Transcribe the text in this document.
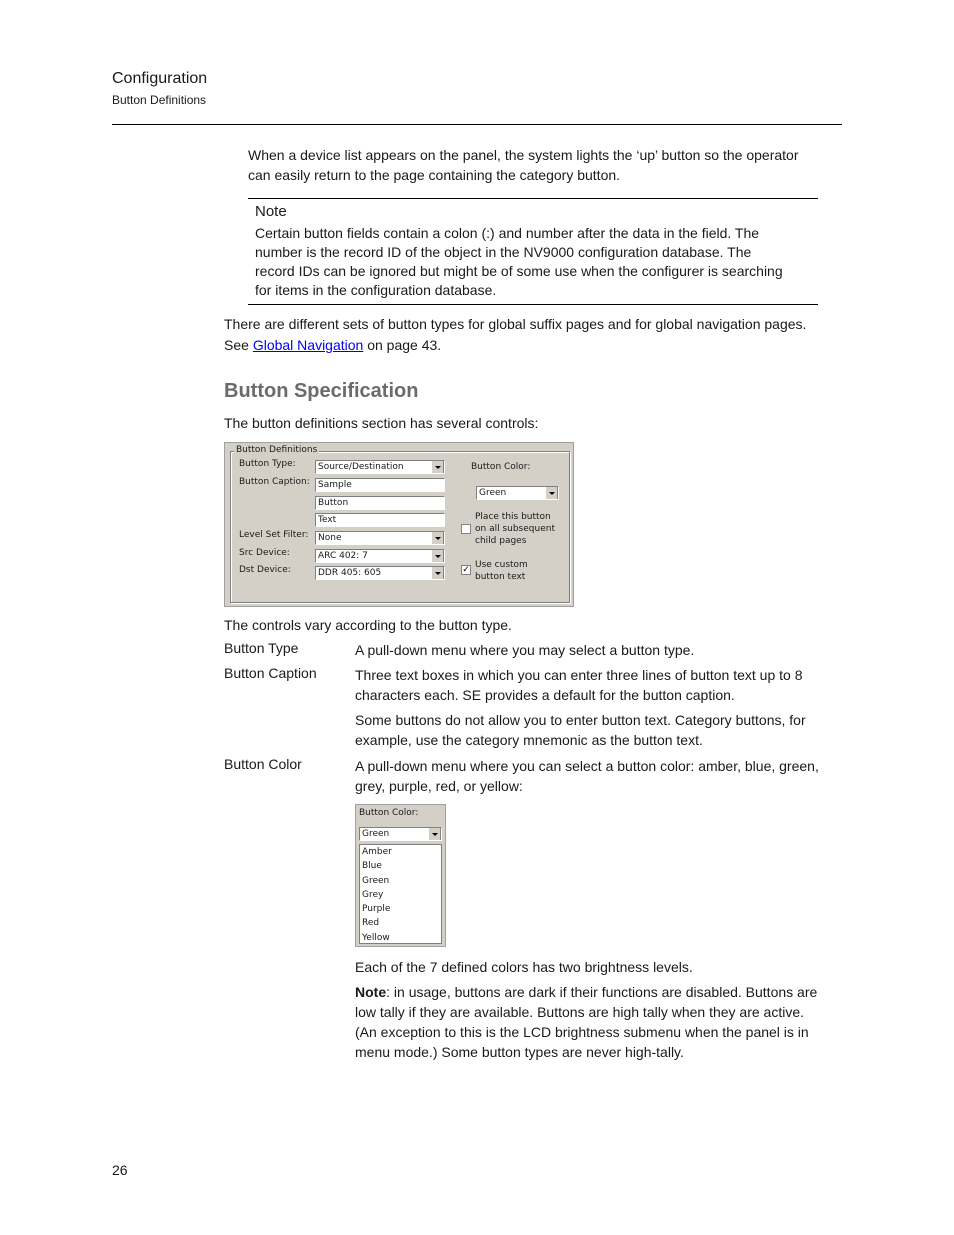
Configuration
Button Definitions
When a device list appears on the panel, the system lights the ‘up’ button so the operator
can easily return to the page containing the category button.
Note
Certain button fields contain a colon (:) and number after the data in the field. The
number is the record ID of the object in the NV9000 configuration database. The
record IDs can be ignored but might be of some use when the configurer is searching
for items in the configuration database.
There are different sets of button types for global suffix pages and for global navigation pages.
See Global Navigation on page 43.
Button Specification
The button definitions section has several controls:
Button Definitions
Button Type:	Source/Destination
Button Caption: Sample
Button
Text
Level Set Filter:	None
Src Device:	ARC 402: 7
Dst Device:	DDR 405: 605
Button Color:
Green
Place this button
on all subsequent
child pages
✓ Use custom
button text
The controls vary according to the button type.
Button Type	A pull-down menu where you may select a button type.
Button Caption	Three text boxes in which you can enter three lines of button text up to 8
characters each. SE provides a default for the button caption.
Some buttons do not allow you to enter button text. Category buttons, for
example, use the category mnemonic as the button text.
Button Color	A pull-down menu where you can select a button color: amber, blue, green,
grey, purple, red, or yellow:
Button Color:
Green
Amber
Blue
Green
Grey
Purple
Red
Yellow
Each of the 7 defined colors has two brightness levels.
Note: in usage, buttons are dark if their functions are disabled. Buttons are
low tally if they are available. Buttons are high tally when they are active.
(An exception to this is the LCD brightness submenu when the panel is in
menu mode.) Some button types are never high-tally.
26
